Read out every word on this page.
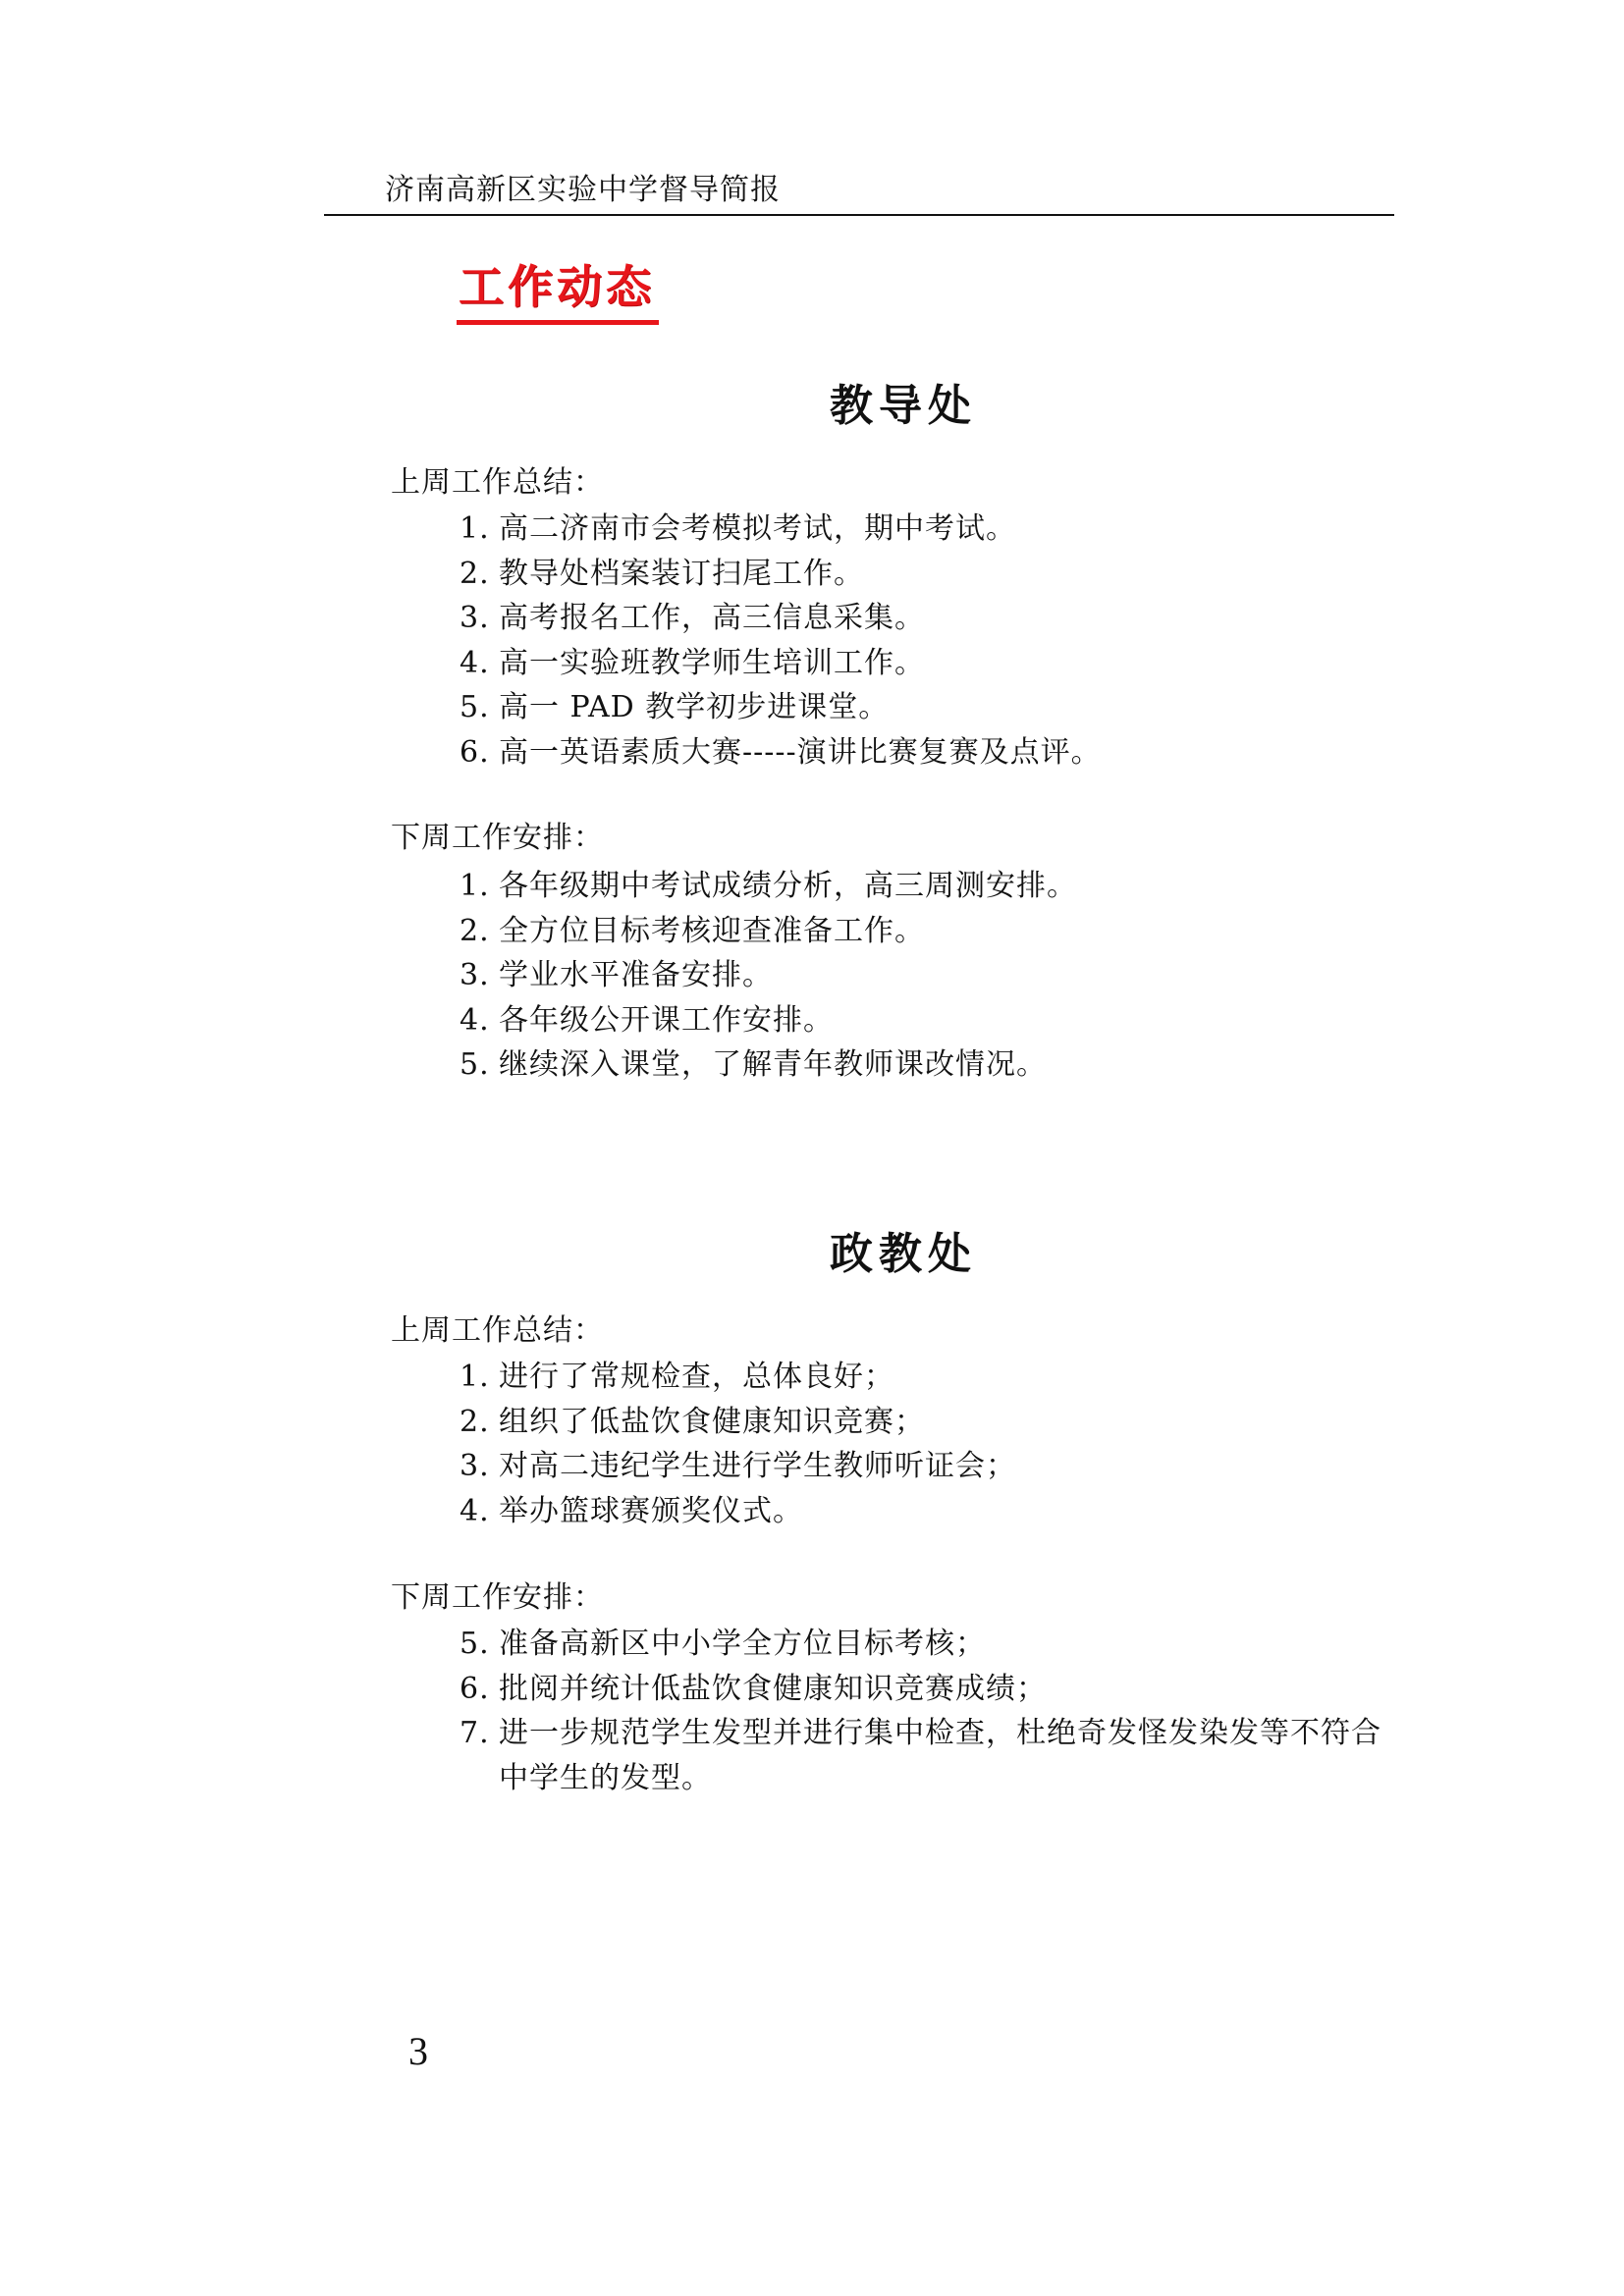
济南高新区实验中学督导简报
工作动态
教导处
上周工作总结：
1. 高二济南市会考模拟考试，期中考试。
2. 教导处档案装订扫尾工作。
3. 高考报名工作，高三信息采集。
4. 高一实验班教学师生培训工作。
5. 高一 PAD 教学初步进课堂。
6. 高一英语素质大赛-----演讲比赛复赛及点评。
下周工作安排：
1. 各年级期中考试成绩分析，高三周测安排。
2. 全方位目标考核迎查准备工作。
3. 学业水平准备安排。
4. 各年级公开课工作安排。
5. 继续深入课堂，了解青年教师课改情况。
政教处
上周工作总结：
1. 进行了常规检查，总体良好；
2. 组织了低盐饮食健康知识竞赛；
3. 对高二违纪学生进行学生教师听证会；
4. 举办篮球赛颁奖仪式。
下周工作安排：
5. 准备高新区中小学全方位目标考核；
6. 批阅并统计低盐饮食健康知识竞赛成绩；
7. 进一步规范学生发型并进行集中检查，杜绝奇发怪发染发等不符合中学生的发型。
3
